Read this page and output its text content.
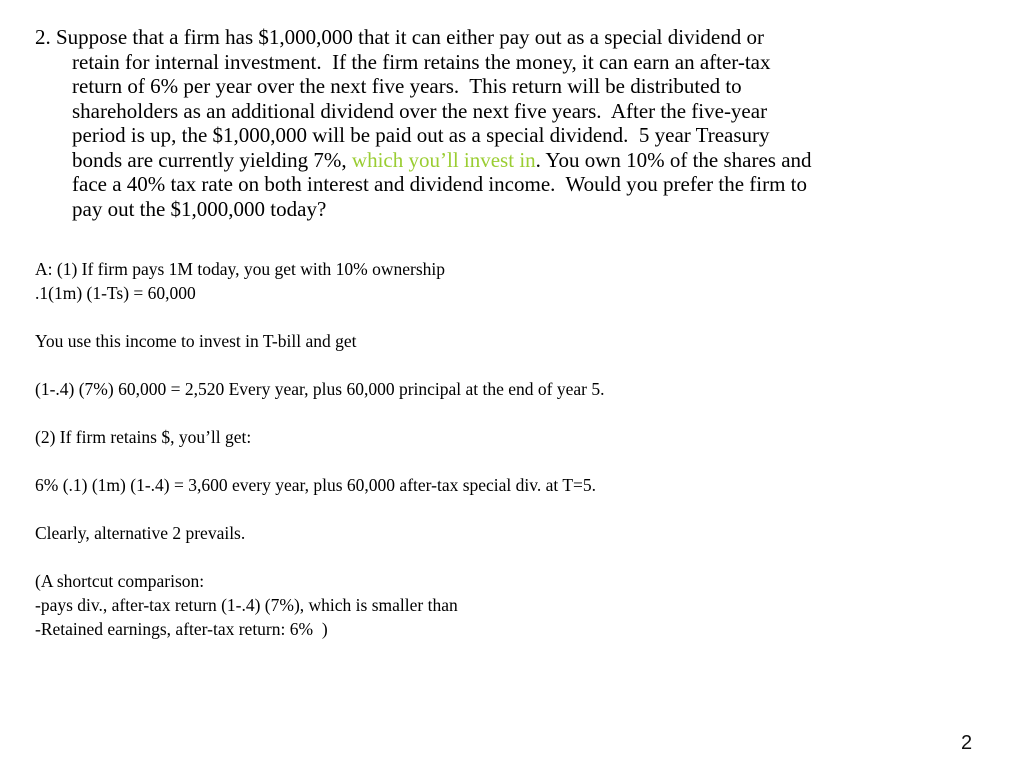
2. Suppose that a firm has $1,000,000 that it can either pay out as a special dividend or
retain for internal investment.  If the firm retains the money, it can earn an after-tax
return of 6% per year over the next five years.  This return will be distributed to
shareholders as an additional dividend over the next five years.  After the five-year
period is up, the $1,000,000 will be paid out as a special dividend.  5 year Treasury
bonds are currently yielding 7%, which you’ll invest in. You own 10% of the shares and
face a 40% tax rate on both interest and dividend income.  Would you prefer the firm to
pay out the $1,000,000 today?
A: (1) If firm pays 1M today, you get with 10% ownership
.1(1m) (1-Ts) = 60,000
You use this income to invest in T-bill and get
(1-.4) (7%) 60,000 = 2,520 Every year, plus 60,000 principal at the end of year 5.
(2) If firm retains $, you’ll get:
6% (.1) (1m) (1-.4) = 3,600 every year, plus 60,000 after-tax special div. at T=5.
Clearly, alternative 2 prevails.
(A shortcut comparison:
-pays div., after-tax return (1-.4) (7%), which is smaller than
-Retained earnings, after-tax return: 6%  )
2
